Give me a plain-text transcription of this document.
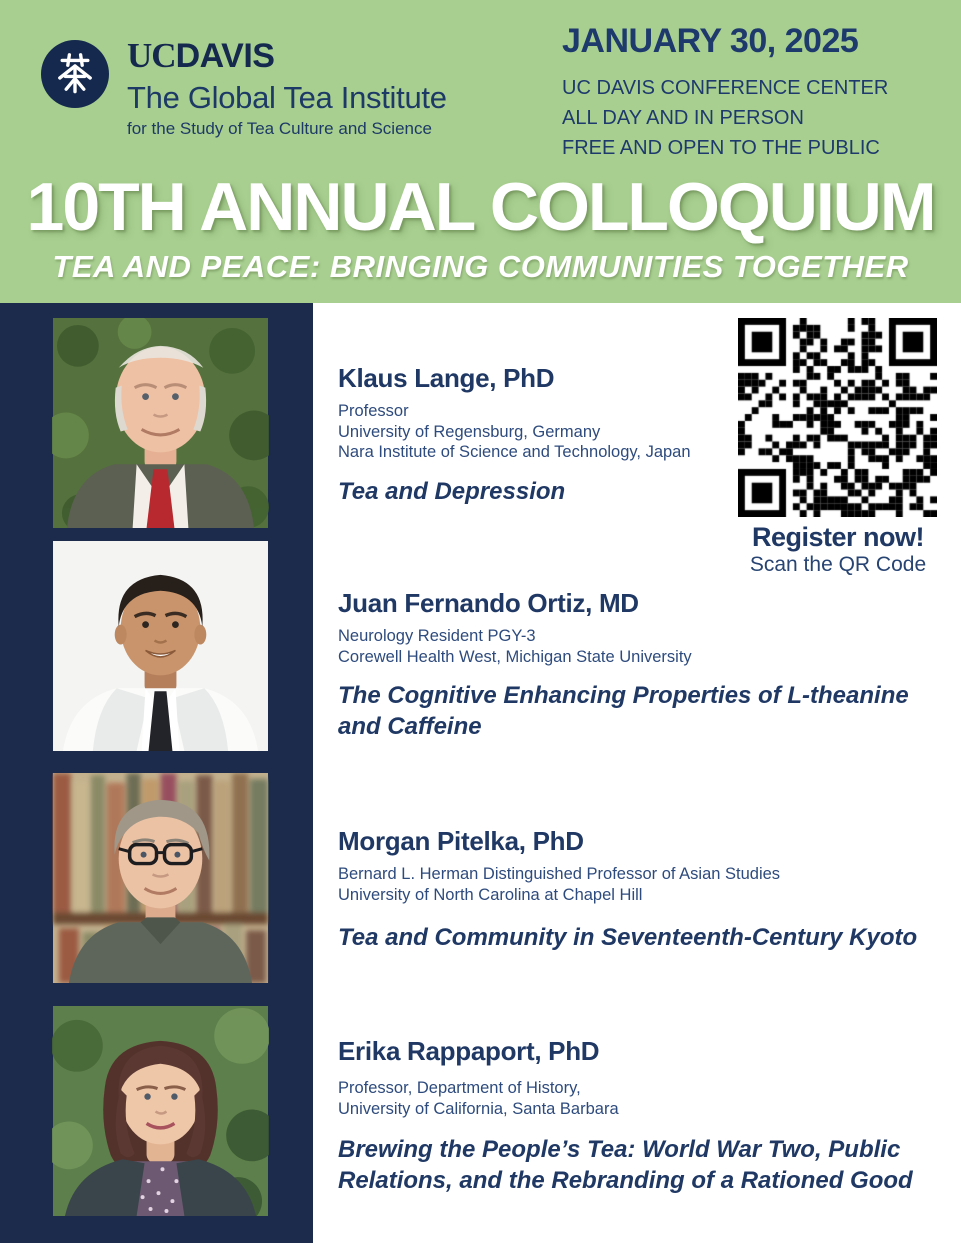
UCDAVIS
The Global Tea Institute
for the Study of Tea Culture and Science
JANUARY 30, 2025
UC DAVIS CONFERENCE CENTER
ALL DAY AND IN PERSON
FREE AND OPEN TO THE PUBLIC
10TH ANNUAL COLLOQUIUM
TEA AND PEACE: BRINGING COMMUNITIES TOGETHER
Register now!
Scan the QR Code
Klaus Lange, PhD

Professor

University of Regensburg, Germany

Nara Institute of Science and Technology, Japan

Tea and Depression

Juan Fernando Ortiz, MD

Neurology Resident PGY-3

Corewell Health West, Michigan State University

The Cognitive Enhancing Properties of L-theanine and Caffeine

Morgan Pitelka, PhD

Bernard L. Herman Distinguished Professor of Asian Studies

University of North Carolina at Chapel Hill

Tea and Community in Seventeenth-Century Kyoto

Erika Rappaport, PhD

Professor, Department of History,

University of California, Santa Barbara

Brewing the People’s Tea: World War Two, Public Relations, and the Rebranding of a Rationed Good
